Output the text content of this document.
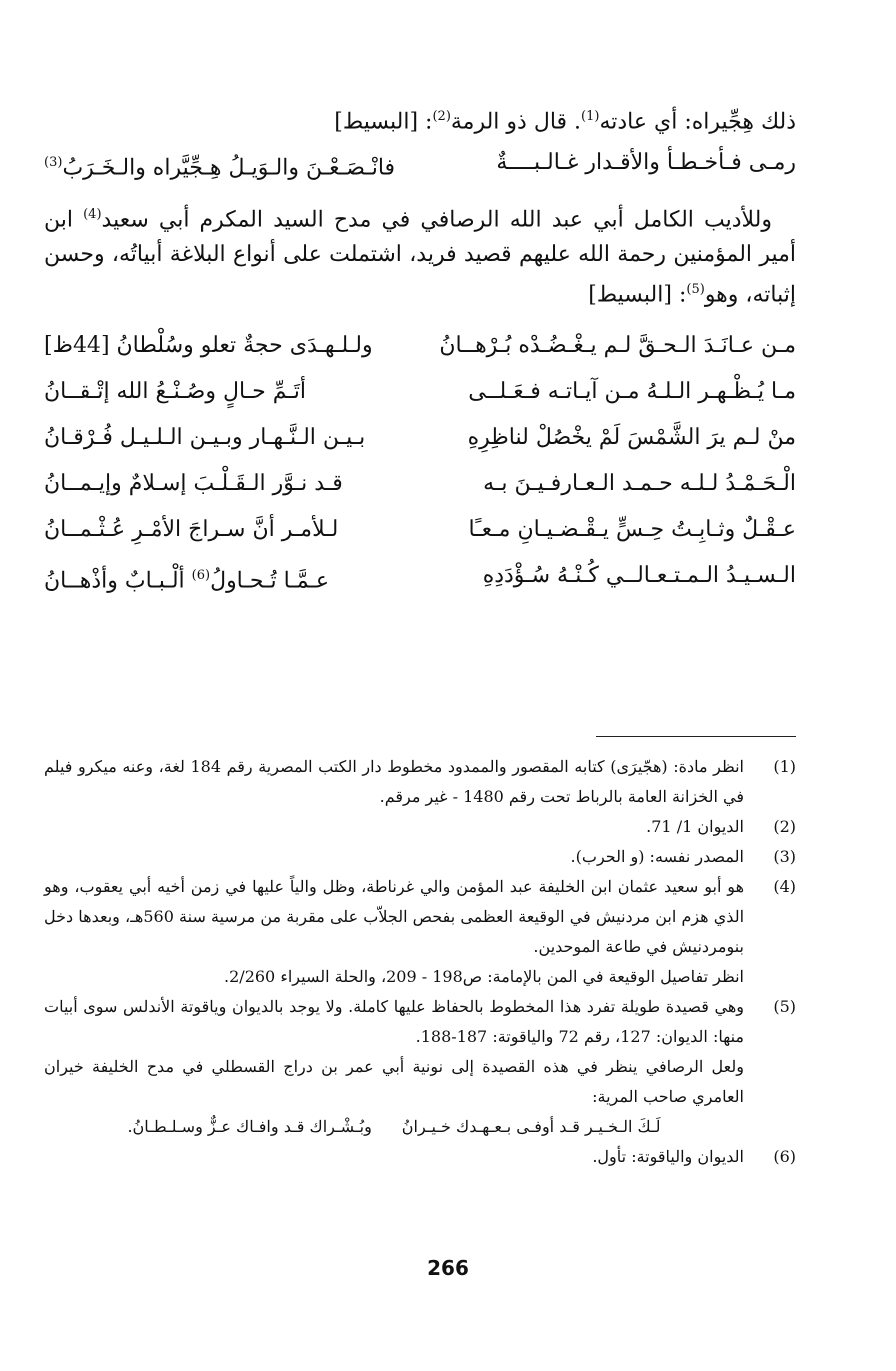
ذلك هِجِّيراه: أي عادته$^{(1)}$. قال ذو الرمة$^{(2)}$: [البسيط]
رمـى فـأخـطـأ والأقـدار غـالـبــــةٌ
فانْـصَـعْـنَ والـوَيـلُ هِـجِّيَّراه والـخَـرَبُ$^{(3)}$
وللأديب الكامل أبي عبد الله الرصافي في مدح السيد المكرم أبي سعيد$^{(4)}$ ابن أمير المؤمنين رحمة الله عليهم قصيد فريد، اشتملت على أنواع البلاغة أبياتُه، وحسن إثباته، وهو$^{(5)}$: [البسيط]
مـن عـانَـدَ الـحـقَّ لـم يـغْـضُـدْه بُـرْهــانُ
ولـلـهـدَى حجةٌ تعلو وسُلْطانُ [44ظ]
مـا يُـظْـهـر الـلـهُ مـن آيـاتـه فـعَـلــى
أتَـمِّ حـالٍ وصُـنْـعُ الله إتْـقــانُ
منْ لـم يرَ الشَّمْسَ لَمْ يخْصُلْ لناظِرِهِ
بـيـن الـنَّـهـار وبـيـن الـلـيـل فُـرْقـانُ
الْـحَـمْـدُ لـلـه حـمـد الـعـارفـيـنَ بـه
قـد نـوَّر الـقَـلْـبَ إسـلامٌ وإيـمــانُ
عـقْـلٌ وثـابِـتُ حِـسٍّ يـقْـضـيـانِ مـعـًا
لـلأمـر أنَّ سـراجَ الأمْـرِ عُـثْـمــانُ
الـسـيـدُ الـمـتـعـالــي كُـنْـهُ سُـؤْدَدِهِ
عـمَّـا تُـحـاولُ$^{(6)}$ ألْـبـابٌ وأذْهــانُ
(1)
انظر مادة: (هجّيرَى) كتابه المقصور والممدود مخطوط دار الكتب المصرية رقم 184 لغة، وعنه ميكرو فيلم في الخزانة العامة بالرباط تحت رقم 1480 - غير مرقم.
(2)
الديوان 1/ 71.
(3)
المصدر نفسه: (و الحرب).
(4)
هو أبو سعيد عثمان ابن الخليفة عبد المؤمن والي غرناطة، وظل والياً عليها في زمن أخيه أبي يعقوب، وهو الذي هزم ابن مردنيش في الوقيعة العظمى بفحص الجلاّب على مقربة من مرسية سنة 560هـ، وبعدها دخل بنومردنيش في طاعة الموحدين.
انظر تفاصيل الوقيعة في المن بالإمامة: ص198 - 209، والحلة السيراء 2/260.
(5)
وهي قصيدة طويلة تفرد هذا المخطوط بالحفاظ عليها كاملة. ولا يوجد بالديوان وياقوتة الأندلس سوى أبيات منها: الديوان: 127، رقم 72 والياقوتة: 187-188.
ولعل الرصافي ينظر في هذه القصيدة إلى نونية أبي عمر بن دراج القسطلي في مدح الخليفة خيران العامري صاحب المرية:
لَـكَ الـخـيـر قـد أوفـى بـعـهـدك خـيـرانُ
وبُـشْـراك قـد وافـاك عـزٌّ وسـلـطـانُ.
(6)
الديوان والياقوتة: تأول.
266
